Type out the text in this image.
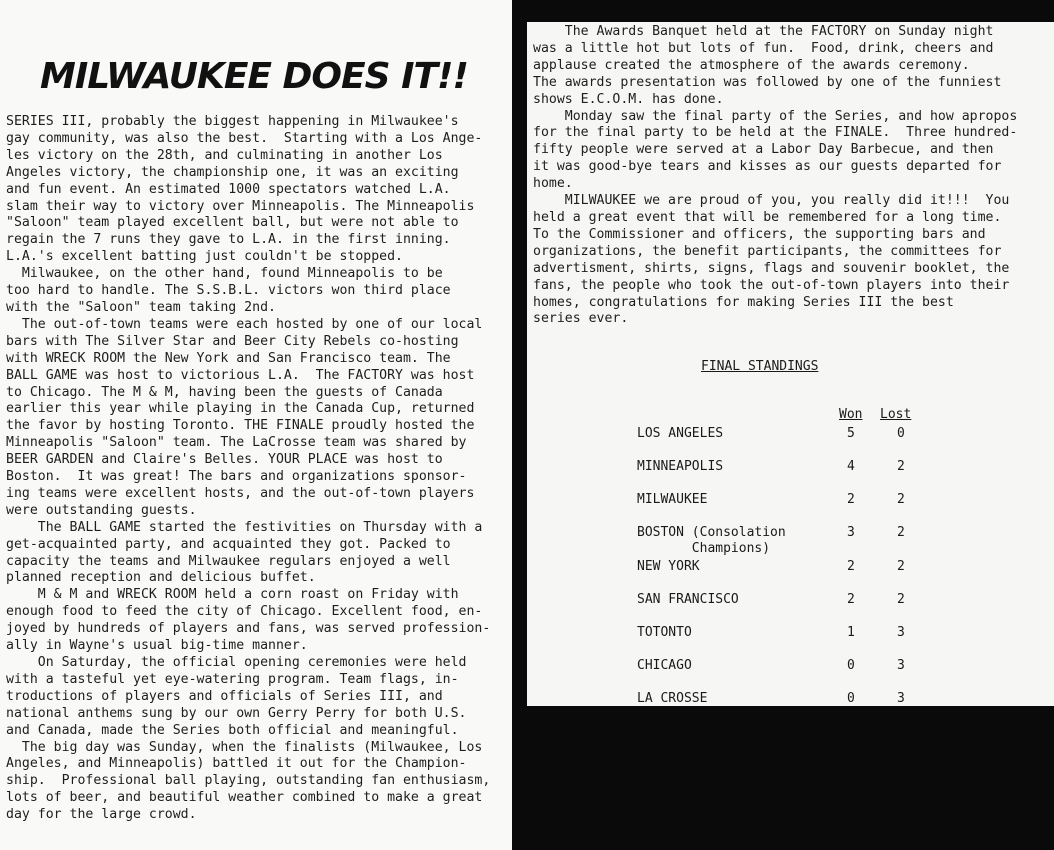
MILWAUKEE DOES IT!!
SERIES III, probably the biggest happening in Milwaukee's
gay community, was also the best.  Starting with a Los Ange-
les victory on the 28th, and culminating in another Los
Angeles victory, the championship one, it was an exciting
and fun event. An estimated 1000 spectators watched L.A.
slam their way to victory over Minneapolis. The Minneapolis
"Saloon" team played excellent ball, but were not able to
regain the 7 runs they gave to L.A. in the first inning.
L.A.'s excellent batting just couldn't be stopped.
Milwaukee, on the other hand, found Minneapolis to be
too hard to handle. The S.S.B.L. victors won third place
with the "Saloon" team taking 2nd.
The out-of-town teams were each hosted by one of our local
bars with The Silver Star and Beer City Rebels co-hosting
with WRECK ROOM the New York and San Francisco team. The
BALL GAME was host to victorious L.A.  The FACTORY was host
to Chicago. The M & M, having been the guests of Canada
earlier this year while playing in the Canada Cup, returned
the favor by hosting Toronto. THE FINALE proudly hosted the
Minneapolis "Saloon" team. The LaCrosse team was shared by
BEER GARDEN and Claire's Belles. YOUR PLACE was host to
Boston.  It was great! The bars and organizations sponsor-
ing teams were excellent hosts, and the out-of-town players
were outstanding guests.
The BALL GAME started the festivities on Thursday with a
get-acquainted party, and acquainted they got. Packed to
capacity the teams and Milwaukee regulars enjoyed a well
planned reception and delicious buffet.
M & M and WRECK ROOM held a corn roast on Friday with
enough food to feed the city of Chicago. Excellent food, en-
joyed by hundreds of players and fans, was served profession-
ally in Wayne's usual big-time manner.
On Saturday, the official opening ceremonies were held
with a tasteful yet eye-watering program. Team flags, in-
troductions of players and officials of Series III, and
national anthems sung by our own Gerry Perry for both U.S.
and Canada, made the Series both official and meaningful.
The big day was Sunday, when the finalists (Milwaukee, Los
Angeles, and Minneapolis) battled it out for the Champion-
ship.  Professional ball playing, outstanding fan enthusiasm,
lots of beer, and beautiful weather combined to make a great
day for the large crowd.
The Awards Banquet held at the FACTORY on Sunday night
was a little hot but lots of fun.  Food, drink, cheers and
applause created the atmosphere of the awards ceremony.
The awards presentation was followed by one of the funniest
shows E.C.O.M. has done.
Monday saw the final party of the Series, and how apropos
for the final party to be held at the FINALE.  Three hundred-
fifty people were served at a Labor Day Barbecue, and then
it was good-bye tears and kisses as our guests departed for
home.
MILWAUKEE we are proud of you, you really did it!!!  You
held a great event that will be remembered for a long time.
To the Commissioner and officers, the supporting bars and
organizations, the benefit participants, the committees for
advertisment, shirts, signs, flags and souvenir booklet, the
fans, the people who took the out-of-town players into their
homes, congratulations for making Series III the best
series ever.
FINAL STANDINGS
Won Lost
LOS ANGELES	5	0
MINNEAPOLIS	4	2
MILWAUKEE	2	2
BOSTON (Consolation
Champions)
3	2
NEW YORK	2	2
SAN FRANCISCO	2	2
TOTONTO	1	3
CHICAGO	0	3
LA CROSSE	0	3
